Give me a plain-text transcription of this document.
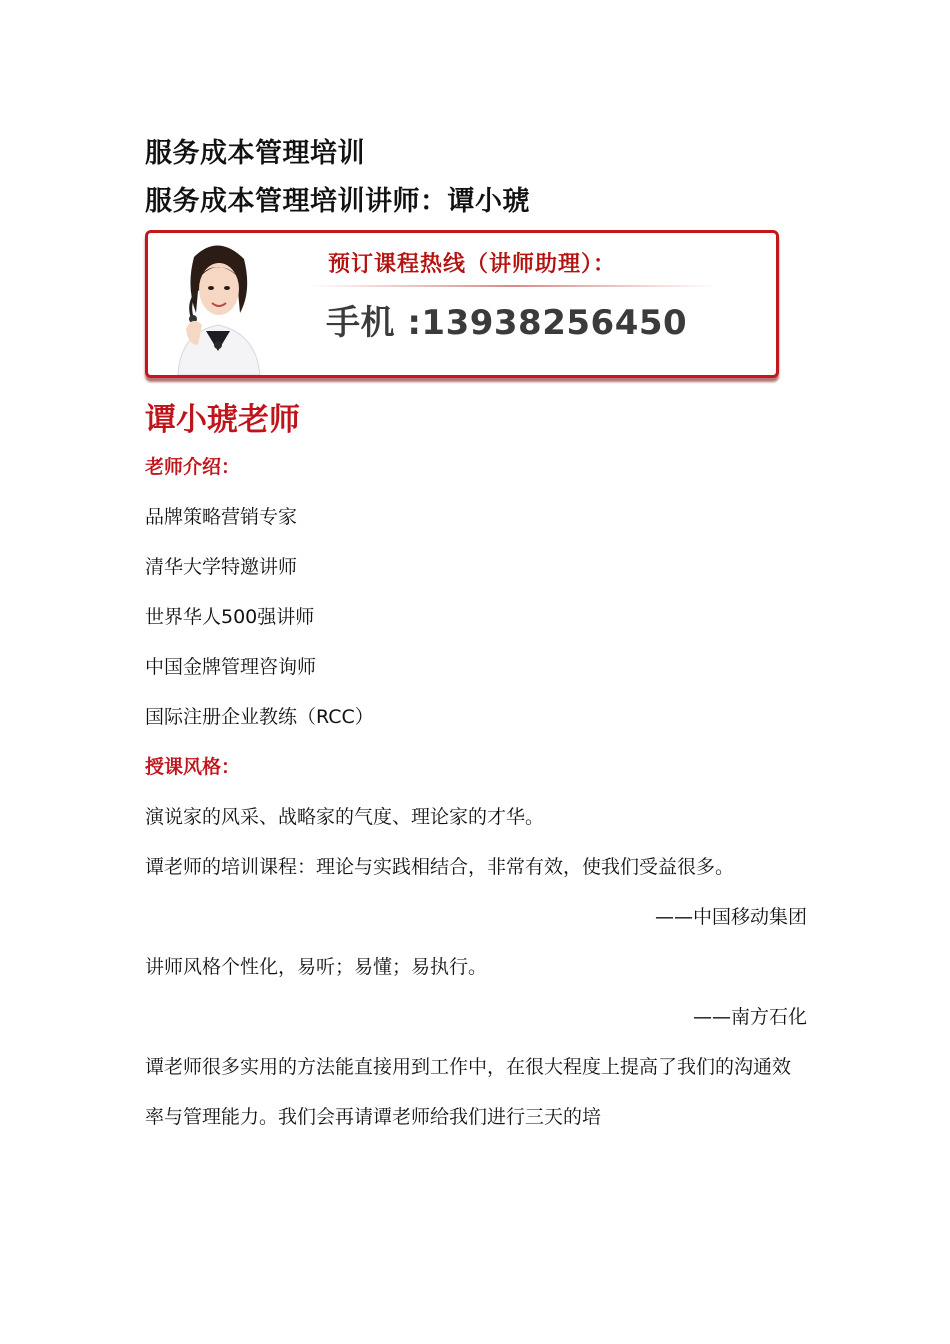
服务成本管理培训

服务成本管理培训讲师：谭小琥

预订课程热线（讲师助理）：
手机 :13938256450

谭小琥老师

老师介绍：

品牌策略营销专家

清华大学特邀讲师

世界华人500强讲师

中国金牌管理咨询师

国际注册企业教练（RCC）

授课风格：

演说家的风采、战略家的气度、理论家的才华。

谭老师的培训课程：理论与实践相结合，非常有效，使我们受益很多。

——中国移动集团

讲师风格个性化，易听；易懂；易执行。

——南方石化

谭老师很多实用的方法能直接用到工作中，在很大程度上提高了我们的沟通效率与管理能力。我们会再请谭老师给我们进行三天的培
